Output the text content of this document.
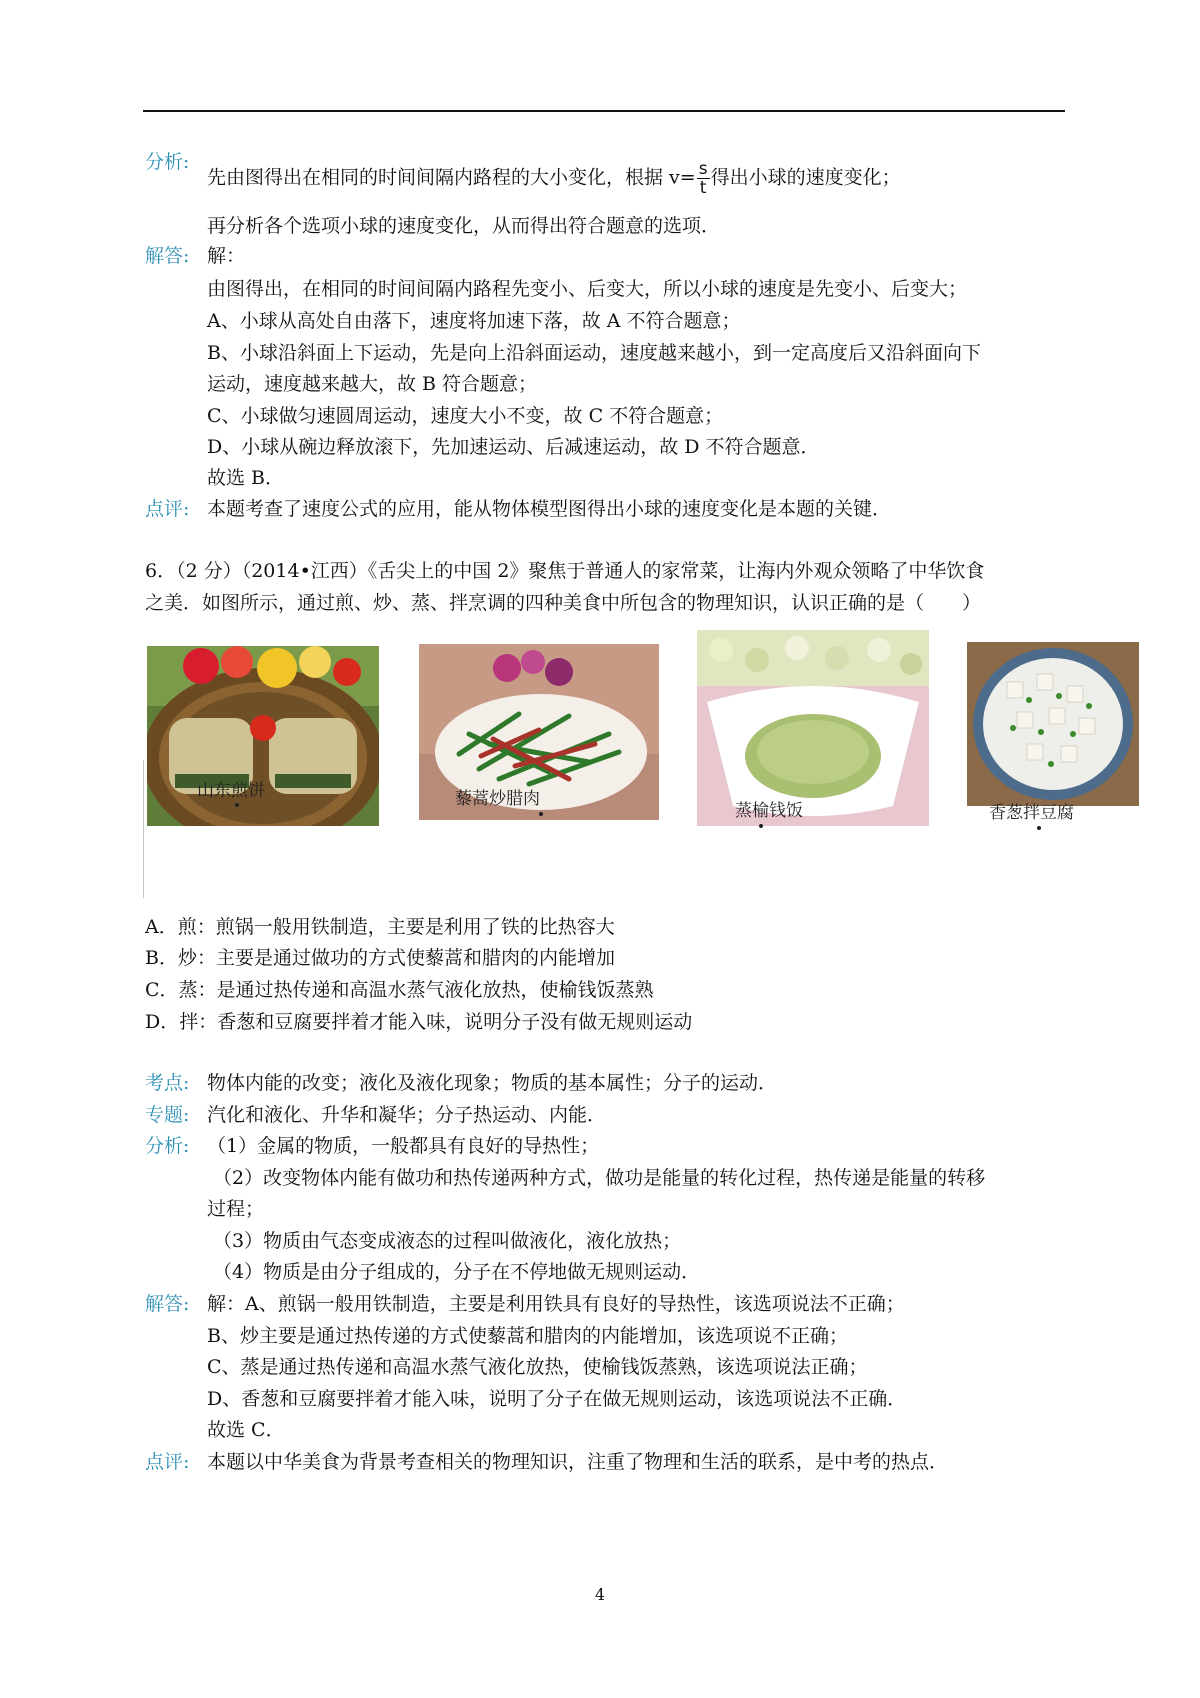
分析:
先由图得出在相同的时间间隔内路程的大小变化，根据 $v= \frac{s}{t}$ 得出小球的速度变化；
再分析各个选项小球的速度变化，从而得出符合题意的选项．
解答: 解：
由图得出，在相同的时间间隔内路程先变小、后变大，所以小球的速度是先变小、后变大；
A、小球从高处自由落下，速度将加速下落，故 A 不符合题意；
B、小球沿斜面上下运动，先是向上沿斜面运动，速度越来越小，到一定高度后又沿斜面向下
运动，速度越来越大，故 B 符合题意；
C、小球做匀速圆周运动，速度大小不变，故 C 不符合题意；
D、小球从碗边释放滚下，先加速运动、后减速运动，故 D 不符合题意．
故选 B．
点评: 本题考查了速度公式的应用，能从物体模型图得出小球的速度变化是本题的关键．
6．（2 分）（2014•江西）《舌尖上的中国 2》聚焦于普通人的家常菜，让海内外观众领略了中华饮食
之美．如图所示，通过煎、炒、蒸、拌烹调的四种美食中所包含的物理知识，认识正确的是（　　）
山东煎饼	藜蒿炒腊肉
蒸榆钱饭	香葱拌豆腐
A．煎：煎锅一般用铁制造，主要是利用了铁的比热容大
B．炒：主要是通过做功的方式使藜蒿和腊肉的内能增加
C．蒸：是通过热传递和高温水蒸气液化放热，使榆钱饭蒸熟
D．拌：香葱和豆腐要拌着才能入味，说明分子没有做无规则运动
考点: 物体内能的改变；液化及液化现象；物质的基本属性；分子的运动．
专题: 汽化和液化、升华和凝华；分子热运动、内能．
分析: （1）金属的物质，一般都具有良好的导热性；
（2）改变物体内能有做功和热传递两种方式，做功是能量的转化过程，热传递是能量的转移
过程；
（3）物质由气态变成液态的过程叫做液化，液化放热；
（4）物质是由分子组成的，分子在不停地做无规则运动．
解答: 解：A、煎锅一般用铁制造，主要是利用铁具有良好的导热性，该选项说法不正确；
B、炒主要是通过热传递的方式使藜蒿和腊肉的内能增加，该选项说不正确；
C、蒸是通过热传递和高温水蒸气液化放热，使榆钱饭蒸熟，该选项说法正确；
D、香葱和豆腐要拌着才能入味，说明了分子在做无规则运动，该选项说法不正确．
故选 C．
点评: 本题以中华美食为背景考查相关的物理知识，注重了物理和生活的联系，是中考的热点．
4
